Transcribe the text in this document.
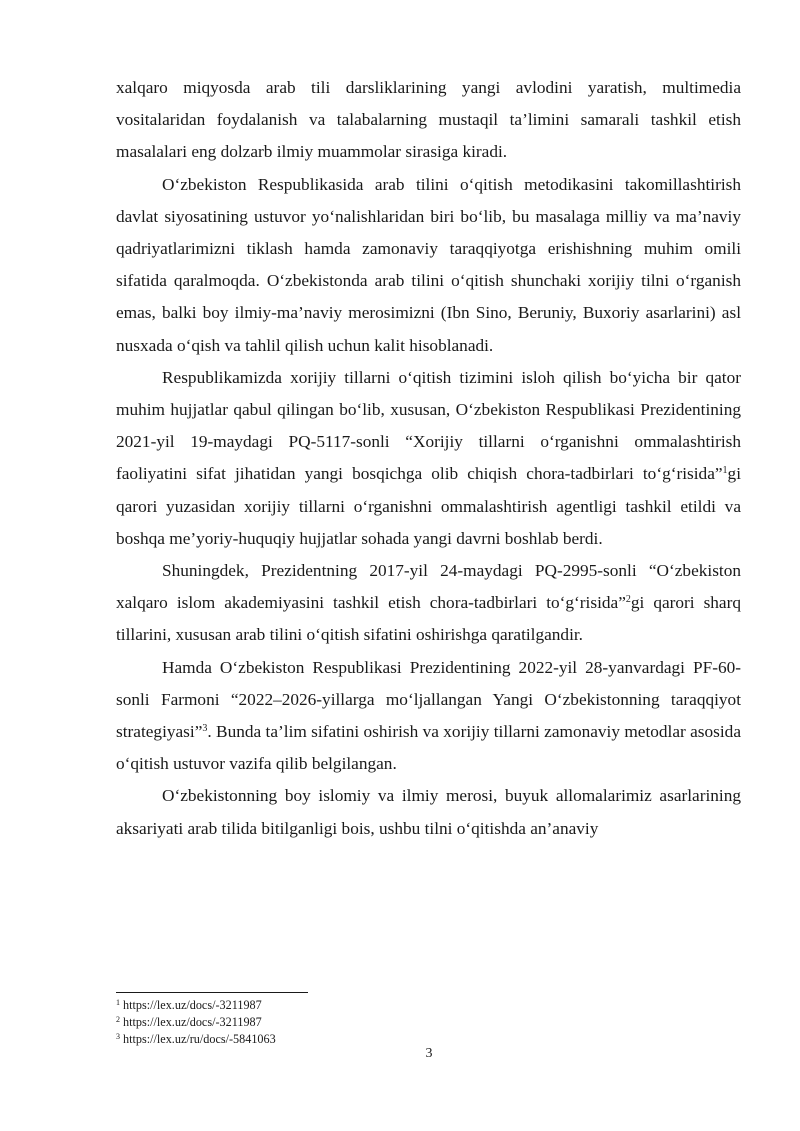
xalqaro miqyosda arab tili darsliklarining yangi avlodini yaratish, multimedia vositalaridan foydalanish va talabalarning mustaqil ta’limini samarali tashkil etish masalalari eng dolzarb ilmiy muammolar sirasiga kiradi.

O‘zbekiston Respublikasida arab tilini o‘qitish metodikasini takomillashtirish davlat siyosatining ustuvor yo‘nalishlaridan biri bo‘lib, bu masalaga milliy va ma’naviy qadriyatlarimizni tiklash hamda zamonaviy taraqqiyotga erishishning muhim omili sifatida qaralmoqda. O‘zbekistonda arab tilini o‘qitish shunchaki xorijiy tilni o‘rganish emas, balki boy ilmiy-ma’naviy merosimizni (Ibn Sino, Beruniy, Buxoriy asarlarini) asl nusxada o‘qish va tahlil qilish uchun kalit hisoblanadi.

Respublikamizda xorijiy tillarni o‘qitish tizimini isloh qilish bo‘yicha bir qator muhim hujjatlar qabul qilingan bo‘lib, xususan, O‘zbekiston Respublikasi Prezidentining 2021-yil 19-maydagi PQ-5117-sonli “Xorijiy tillarni o‘rganishni ommalashtirish faoliyatini sifat jihatidan yangi bosqichga olib chiqish chora-tadbirlari to‘g‘risida”$^1$gi qarori yuzasidan xorijiy tillarni o‘rganishni ommalashtirish agentligi tashkil etildi va boshqa me’yoriy-huquqiy hujjatlar sohada yangi davrni boshlab berdi.

Shuningdek, Prezidentning 2017-yil 24-maydagi PQ-2995-sonli “O‘zbekiston xalqaro islom akademiyasini tashkil etish chora-tadbirlari to‘g‘risida”$^2$gi qarori sharq tillarini, xususan arab tilini o‘qitish sifatini oshirishga qaratilgandir.

Hamda O‘zbekiston Respublikasi Prezidentining 2022-yil 28-yanvardagi PF-60-sonli Farmoni “2022–2026-yillarga mo‘ljallangan Yangi O‘zbekistonning taraqqiyot strategiyasi”$^3$. Bunda ta’lim sifatini oshirish va xorijiy tillarni zamonaviy metodlar asosida o‘qitish ustuvor vazifa qilib belgilangan.

O‘zbekistonning boy islomiy va ilmiy merosi, buyuk allomalarimiz asarlarining aksariyati arab tilida bitilganligi bois, ushbu tilni o‘qitishda an’anaviy

$^1$ https://lex.uz/docs/-3211987
$^2$ https://lex.uz/docs/-3211987
$^3$ https://lex.uz/ru/docs/-5841063
3
